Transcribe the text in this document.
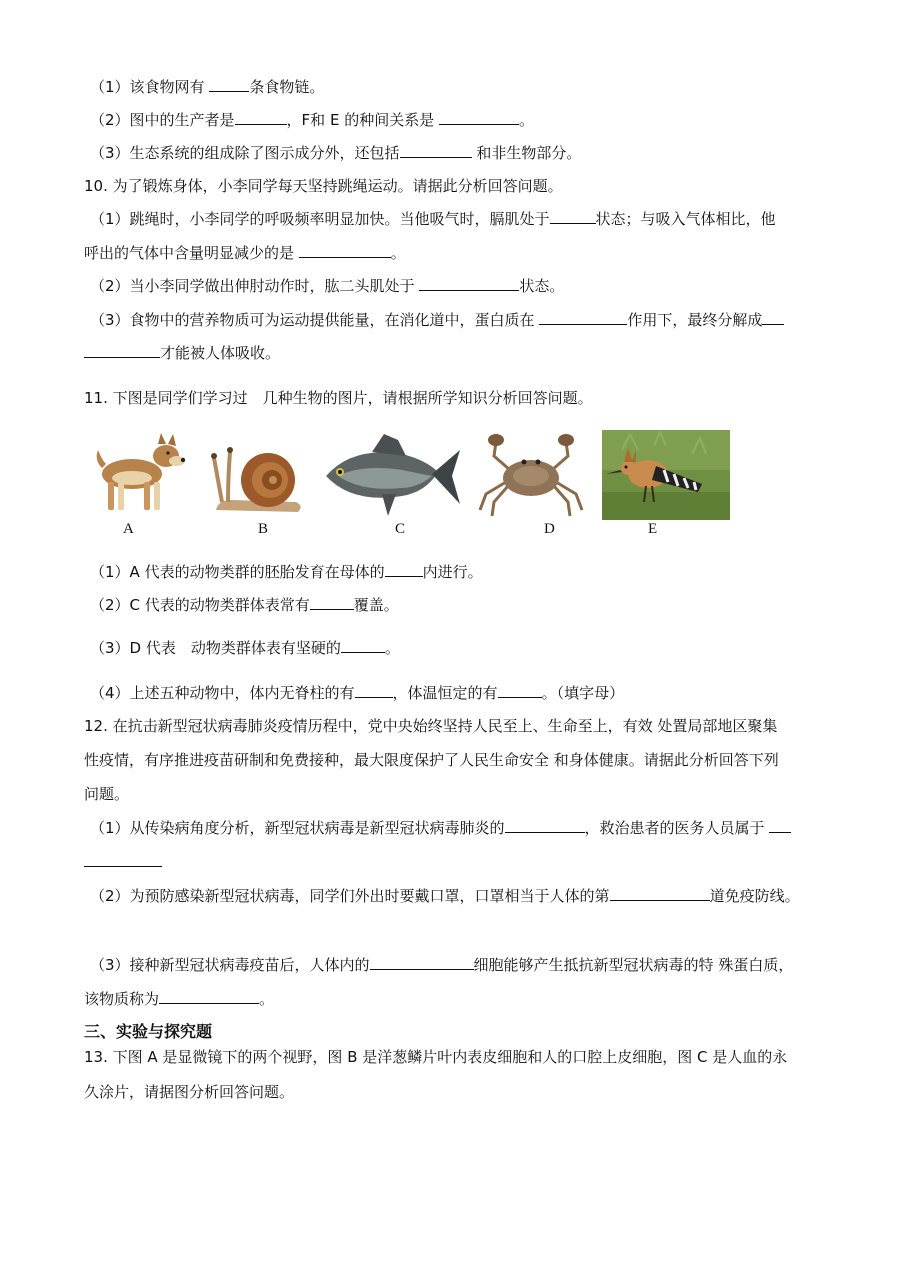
（1）该食物网有	条食物链。
（2）图中的生产者是	，F和 E 的种间关系是	。
（3）生态系统的组成除了图示成分外，还包括	和非生物部分。
10. 为了锻炼身体，小李同学每天坚持跳绳运动。请据此分析回答问题。
（1）跳绳时，小李同学的呼吸频率明显加快。当他吸气时，膈肌处于	状态；与吸入气体相比，他
呼出的气体中含量明显减少的是	。
（2）当小李同学做出伸肘动作时，肱二头肌处于	状态。
（3）食物中的营养物质可为运动提供能量，在消化道中，蛋白质在	作用下，最终分解成
才能被人体吸收。
11. 下图是同学们学习过　几种生物的图片，请根据所学知识分析回答问题。
A	B	C	D	E
（1）A 代表的动物类群的胚胎发育在母体的	内进行。
（2）C 代表的动物类群体表常有	覆盖。
（3）D 代表　动物类群体表有坚硬的	。
（4）上述五种动物中，体内无脊柱的有	，体温恒定的有	。（填字母）
12. 在抗击新型冠状病毒肺炎疫情历程中，党中央始终坚持人民至上、生命至上，有效 处置局部地区聚集
性疫情，有序推进疫苗研制和免费接种，最大限度保护了人民生命安全 和身体健康。请据此分析回答下列
问题。
（1）从传染病角度分析，新型冠状病毒是新型冠状病毒肺炎的	，救治患者的医务人员属于
（2）为预防感染新型冠状病毒，同学们外出时要戴口罩，口罩相当于人体的第	道免疫防线。
（3）接种新型冠状病毒疫苗后，人体内的	细胞能够产生抵抗新型冠状病毒的特 殊蛋白质，
该物质称为	。
三、实验与探究题
13. 下图 A 是显微镜下的两个视野，图 B 是洋葱鳞片叶内表皮细胞和人的口腔上皮细胞，图 C 是人血的永
久涂片，请据图分析回答问题。
